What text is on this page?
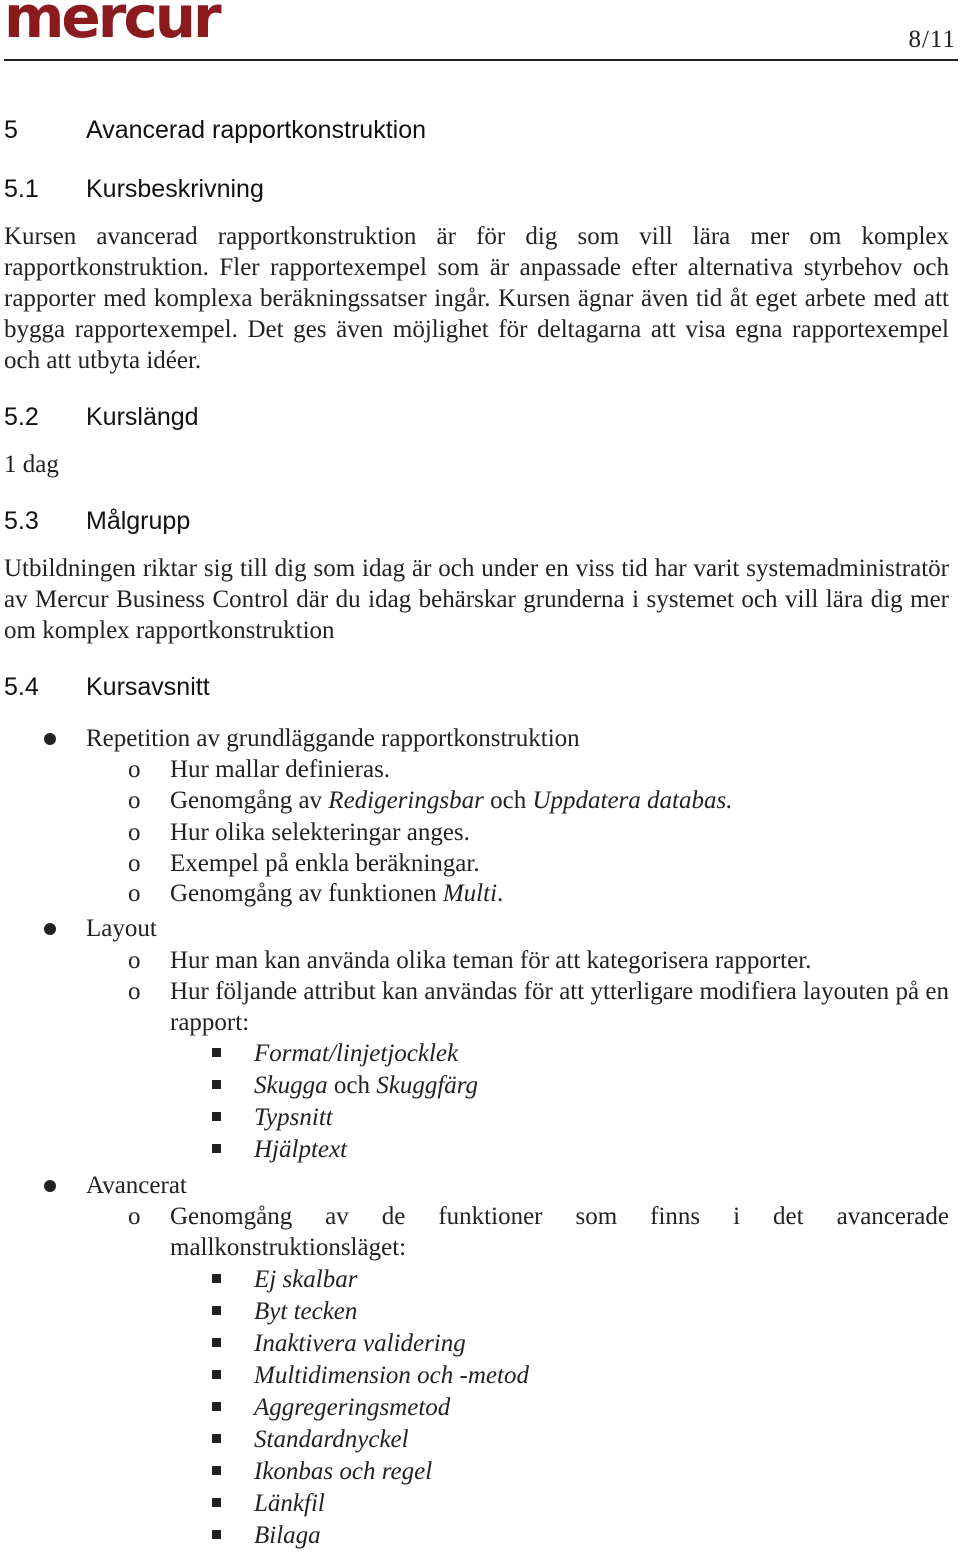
mercur	8/11
5	Avancerad rapportkonstruktion
5.1 Kursbeskrivning

Kursen avancerad rapportkonstruktion är för dig som vill lära mer om komplex rapportkonstruktion. Fler rapportexempel som är anpassade efter alternativa styrbehov och rapporter med komplexa beräkningssatser ingår. Kursen ägnar även tid åt eget arbete med att bygga rapportexempel. Det ges även möjlighet för deltagarna att visa egna rapportexempel och att utbyta idéer.

5.2 Kurslängd

1 dag

5.3 Målgrupp

Utbildningen riktar sig till dig som idag är och under en viss tid har varit systemadministratör av Mercur Business Control där du idag behärskar grunderna i systemet och vill lära dig mer om komplex rapportkonstruktion

5.4 Kursavsnitt
Repetition av grundläggande rapportkonstruktion
o Hur mallar definieras.
o Genomgång av Redigeringsbar och Uppdatera databas.
o Hur olika selekteringar anges.
o Exempel på enkla beräkningar.
o Genomgång av funktionen Multi.
Layout
o Hur man kan använda olika teman för att kategorisera rapporter.
o Hur följande attribut kan användas för att ytterligare modifiera layouten på en rapport:

Format/linjetjocklek
Skugga och Skuggfärg
Typsnitt
Hjälptext
Avancerat
o Genomgång av de funktioner som finns i det avancerade mallkonstruktionsläget:

Ej skalbar
Byt tecken
Inaktivera validering
Multidimension och -metod
Aggregeringsmetod
Standardnyckel
Ikonbas och regel
Länkfil
Bilaga
